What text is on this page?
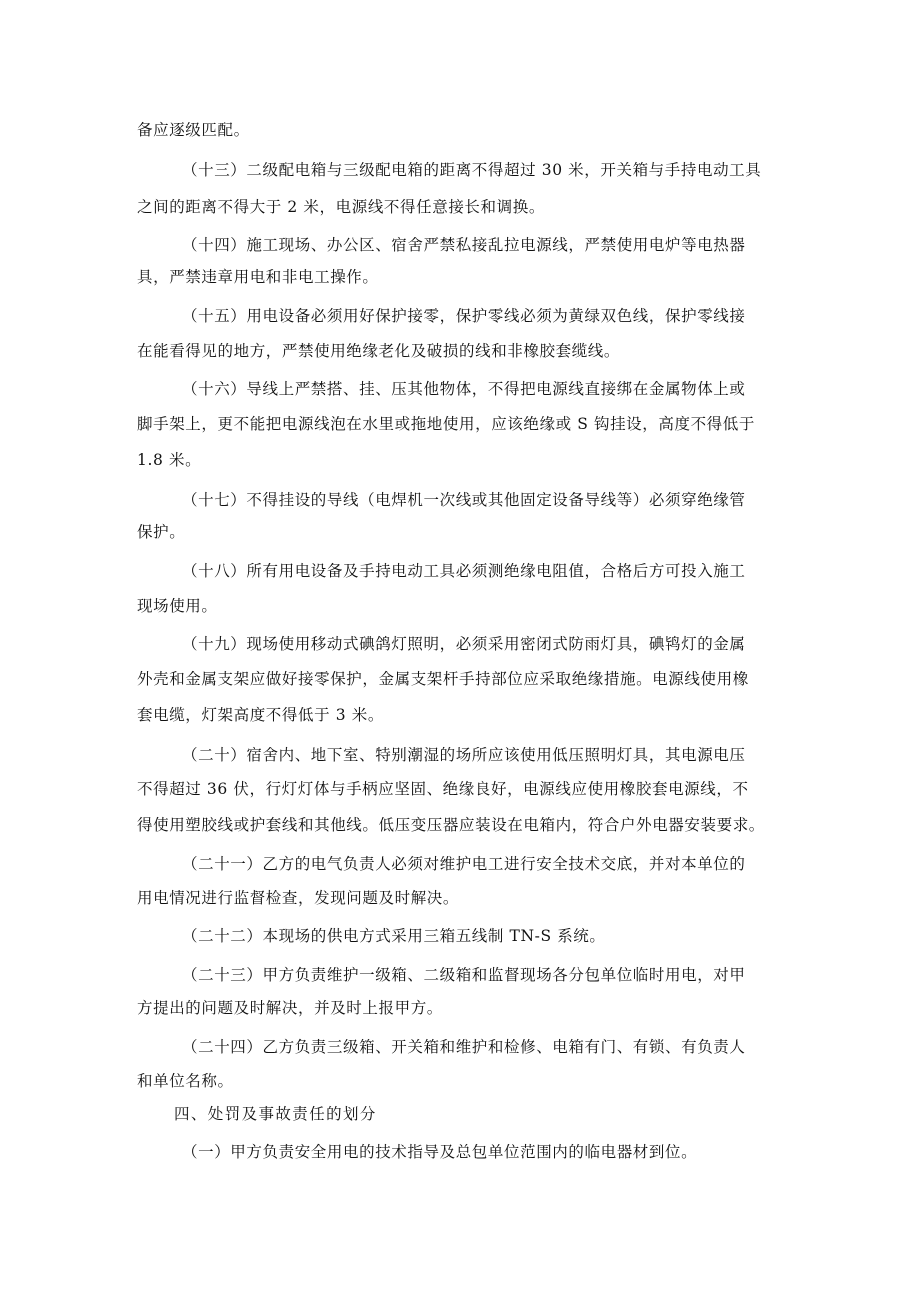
备应逐级匹配。
（十三）二级配电箱与三级配电箱的距离不得超过 30 米，开关箱与手持电动工具
之间的距离不得大于 2 米，电源线不得任意接长和调换。
（十四）施工现场、办公区、宿舍严禁私接乱拉电源线，严禁使用电炉等电热器
具，严禁违章用电和非电工操作。
（十五）用电设备必须用好保护接零，保护零线必须为黄绿双色线，保护零线接
在能看得见的地方，严禁使用绝缘老化及破损的线和非橡胶套缆线。
（十六）导线上严禁搭、挂、压其他物体，不得把电源线直接绑在金属物体上或
脚手架上，更不能把电源线泡在水里或拖地使用，应该绝缘或 S 钩挂设，高度不得低于
1.8 米。
（十七）不得挂设的导线（电焊机一次线或其他固定设备导线等）必须穿绝缘管
保护。
（十八）所有用电设备及手持电动工具必须测绝缘电阻值，合格后方可投入施工
现场使用。
（十九）现场使用移动式碘鸽灯照明，必须采用密闭式防雨灯具，碘鸨灯的金属
外壳和金属支架应做好接零保护，金属支架杆手持部位应采取绝缘措施。电源线使用橡
套电缆，灯架高度不得低于 3 米。
（二十）宿舍内、地下室、特别潮湿的场所应该使用低压照明灯具，其电源电压
不得超过 36 伏，行灯灯体与手柄应坚固、绝缘良好，电源线应使用橡胶套电源线，不
得使用塑胶线或护套线和其他线。低压变压器应装设在电箱内，符合户外电器安装要求。
（二十一）乙方的电气负责人必须对维护电工进行安全技术交底，并对本单位的
用电情况进行监督检查，发现问题及时解决。
（二十二）本现场的供电方式采用三箱五线制 TN-S 系统。
（二十三）甲方负责维护一级箱、二级箱和监督现场各分包单位临时用电，对甲
方提出的问题及时解决，并及时上报甲方。
（二十四）乙方负责三级箱、开关箱和维护和检修、电箱有门、有锁、有负责人
和单位名称。
四、处罚及事故责任的划分
（一）甲方负责安全用电的技术指导及总包单位范围内的临电器材到位。
